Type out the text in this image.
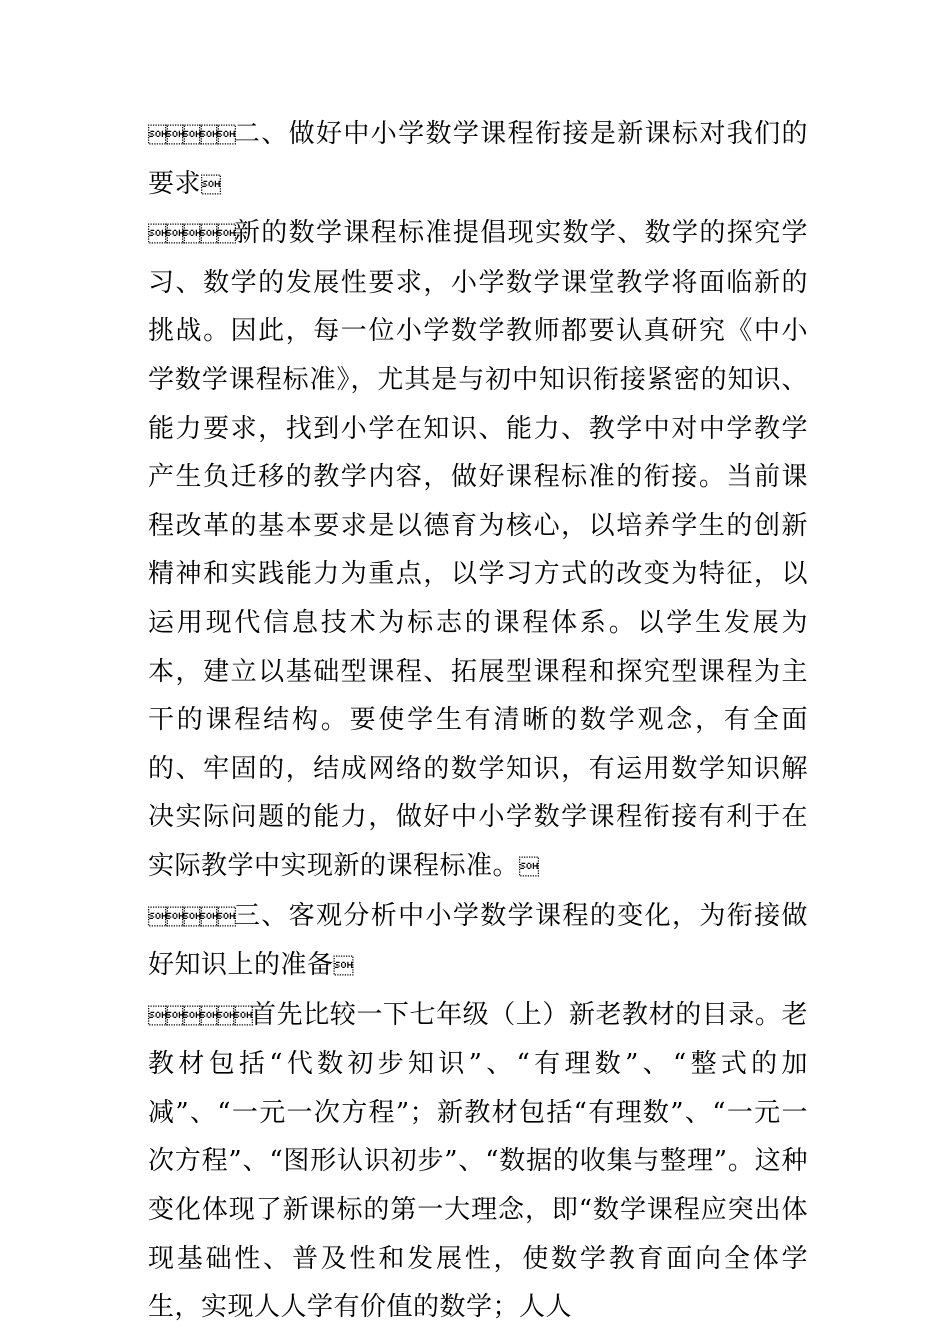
二、做好中小学数学课程衔接是新课标对我们的要求

新的数学课程标准提倡现实数学、数学的探究学习、数学的发展性要求，小学数学课堂教学将面临新的挑战。因此，每一位小学数学教师都要认真研究《中小学数学课程标准》，尤其是与初中知识衔接紧密的知识、能力要求，找到小学在知识、能力、教学中对中学教学产生负迁移的教学内容，做好课程标准的衔接。当前课程改革的基本要求是以德育为核心，以培养学生的创新精神和实践能力为重点，以学习方式的改变为特征，以运用现代信息技术为标志的课程体系。以学生发展为本，建立以基础型课程、拓展型课程和探究型课程为主干的课程结构。要使学生有清晰的数学观念，有全面的、牢固的，结成网络的数学知识，有运用数学知识解决实际问题的能力，做好中小学数学课程衔接有利于在实际教学中实现新的课程标准。

三、客观分析中小学数学课程的变化，为衔接做好知识上的准备

首先比较一下七年级（上）新老教材的目录。老教材包括“代数初步知识”、“有理数”、“整式的加减”、“一元一次方程”；新教材包括“有理数”、“一元一次方程”、“图形认识初步”、“数据的收集与整理”。这种变化体现了新课标的第一大理念，即“数学课程应突出体现基础性、普及性和发展性，使数学教育面向全体学生，实现人人学有价值的数学；人人
